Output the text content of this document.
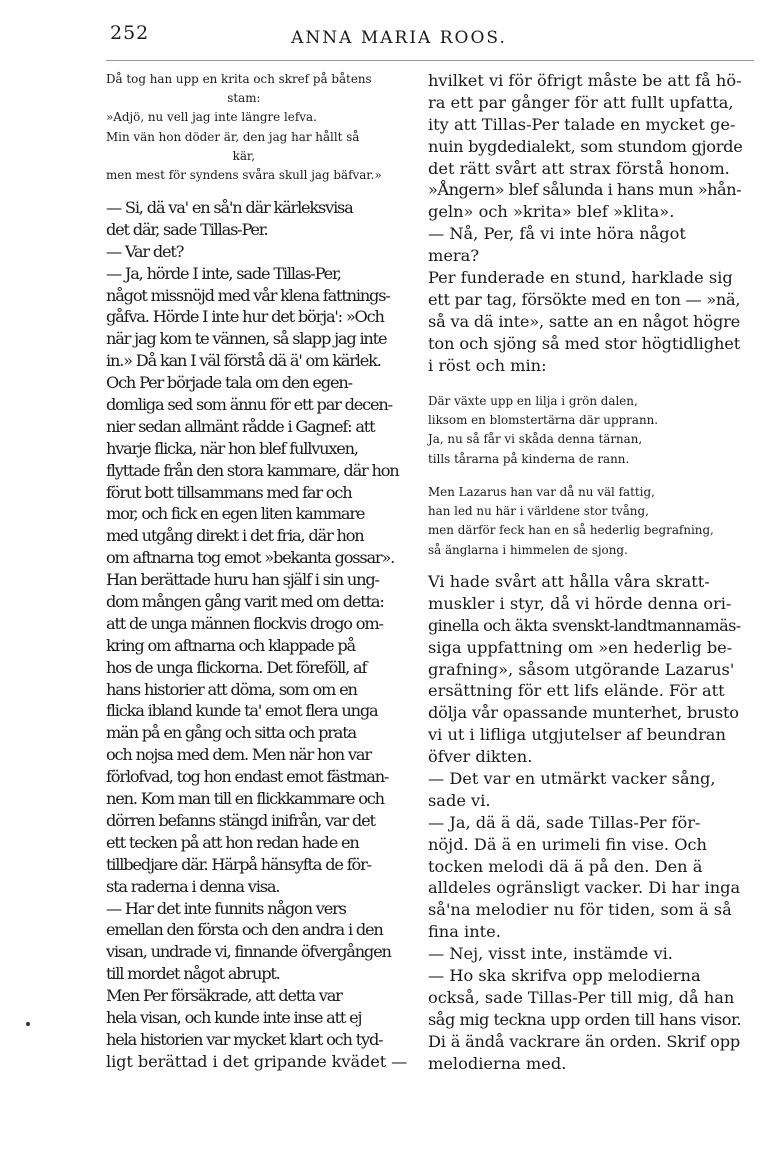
252	ANNA MARIA ROOS.
Då tog han upp en krita och skref på båtens
stam:
»Adjö, nu vell jag inte längre lefva.
Min vän hon döder är, den jag har hållt så
kär,
men mest för syndens svåra skull jag bäfvar.»
— Si, dä va' en så'n där kärleksvisa
det där, sade Tillas-Per.
— Var det?
— Ja, hörde I inte, sade Tillas-Per,
något missnöjd med vår klena fattnings-
gåfva. Hörde I inte hur det börja': »Och
när jag kom te vännen, så slapp jag inte
in.» Då kan I väl förstå dä ä' om kärlek.
Och Per började tala om den egen-
domliga sed som ännu för ett par decen-
nier sedan allmänt rådde i Gagnef: att
hvarje flicka, när hon blef fullvuxen,
flyttade från den stora kammare, där hon
förut bott tillsammans med far och
mor, och fick en egen liten kammare
med utgång direkt i det fria, där hon
om aftnarna tog emot »bekanta gossar».
Han berättade huru han själf i sin ung-
dom mången gång varit med om detta:
att de unga männen flockvis drogo om-
kring om aftnarna och klappade på
hos de unga flickorna. Det föreföll, af
hans historier att döma, som om en
flicka ibland kunde ta' emot flera unga
män på en gång och sitta och prata
och nojsa med dem. Men när hon var
förlofvad, tog hon endast emot fästman-
nen. Kom man till en flickkammare och
dörren befanns stängd inifrån, var det
ett tecken på att hon redan hade en
tillbedjare där. Härpå hänsyfta de för-
sta raderna i denna visa.
— Har det inte funnits någon vers
emellan den första och den andra i den
visan, undrade vi, finnande öfvergången
till mordet något abrupt.
Men Per försäkrade, att detta var
hela visan, och kunde inte inse att ej
hela historien var mycket klart och tyd-
ligt berättad i det gripande kvädet —
hvilket vi för öfrigt måste be att få hö-
ra ett par gånger för att fullt upfatta,
ity att Tillas-Per talade en mycket ge-
nuin bygdedialekt, som stundom gjorde
det rätt svårt att strax förstå honom.
»Ångern» blef sålunda i hans mun »hån-
geln» och »krita» blef »klita».
— Nå, Per, få vi inte höra något
mera?
Per funderade en stund, harklade sig
ett par tag, försökte med en ton — »nä,
så va dä inte», satte an en något högre
ton och sjöng så med stor högtidlighet
i röst och min:
Där växte upp en lilja i grön dalen,
liksom en blomstertärna där upprann.
Ja, nu så får vi skåda denna tärnan,
tills tårarna på kinderna de rann.
Men Lazarus han var då nu väl fattig,
han led nu här i världene stor tvång,
men därför feck han en så hederlig begrafning,
så änglarna i himmelen de sjong.
Vi hade svårt att hålla våra skratt-
muskler i styr, då vi hörde denna ori-
ginella och äkta svenskt-landtmannamäs-
siga uppfattning om »en hederlig be-
grafning», såsom utgörande Lazarus'
ersättning för ett lifs elände. För att
dölja vår opassande munterhet, brusto
vi ut i lifliga utgjutelser af beundran
öfver dikten.
— Det var en utmärkt vacker sång,
sade vi.
— Ja, dä ä dä, sade Tillas-Per för-
nöjd. Dä ä en urimeli fin vise. Och
tocken melodi dä ä på den. Den ä
alldeles ogränsligt vacker. Di har inga
så'na melodier nu för tiden, som ä så
fina inte.
— Nej, visst inte, instämde vi.
— Ho ska skrifva opp melodierna
också, sade Tillas-Per till mig, då han
såg mig teckna upp orden till hans visor.
Di ä ändå vackrare än orden. Skrif opp
melodierna med.
